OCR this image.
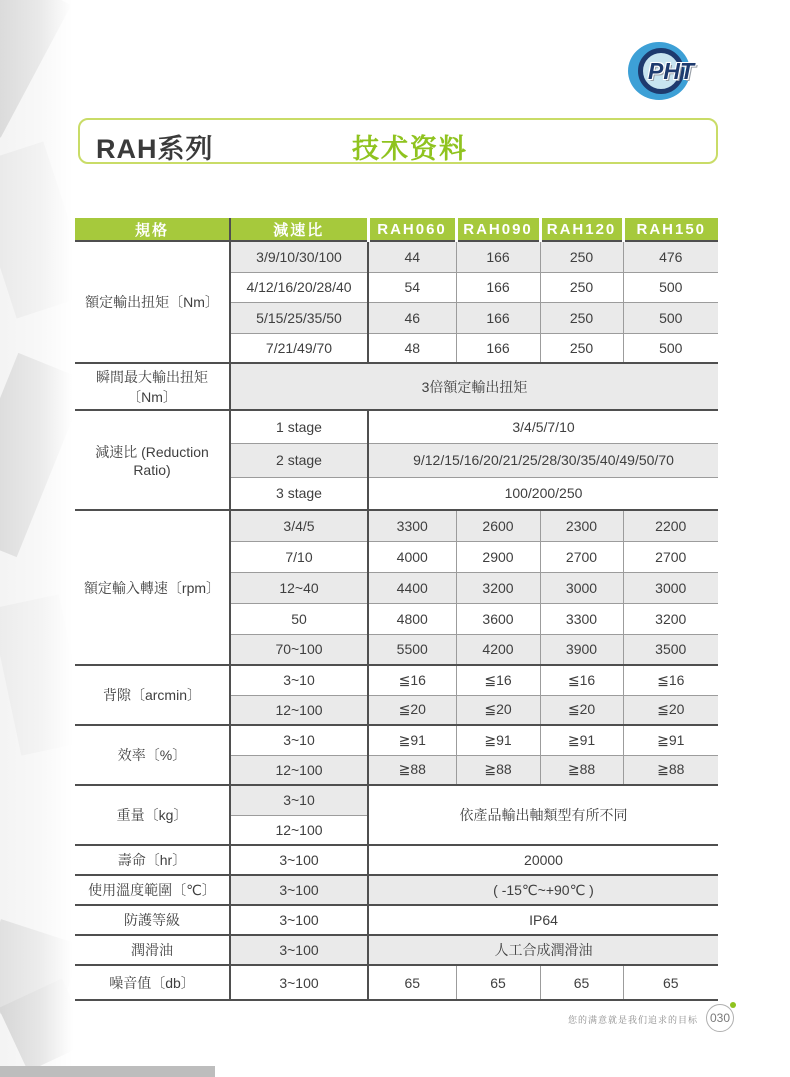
PHT
RAH系列	技术资料
規格	減速比	RAH060	RAH090	RAH120	RAH150
額定輸出扭矩〔Nm〕	3/9/10/30/100	44	166	250	476
	4/12/16/20/28/40	54	166	250	500
	5/15/25/35/50	46	166	250	500
	7/21/49/70	48	166	250	500
瞬間最大輸出扭矩〔Nm〕	3倍額定輸出扭矩				
減速比 (Reduction Ratio)	1 stage	3/4/5/7/10			
	2 stage	9/12/15/16/20/21/25/28/30/35/40/49/50/70			
	3 stage	100/200/250			
額定輸入轉速〔rpm〕	3/4/5	3300	2600	2300	2200
	7/10	4000	2900	2700	2700
	12~40	4400	3200	3000	3000
	50	4800	3600	3300	3200
	70~100	5500	4200	3900	3500
背隙〔arcmin〕	3~10	≦16	≦16	≦16	≦16
	12~100	≦20	≦20	≦20	≦20
效率〔%〕	3~10	≧91	≧91	≧91	≧91
	12~100	≧88	≧88	≧88	≧88
重量〔kg〕	3~10	依產品輸出軸類型有所不同			
	12~100				
壽命〔hr〕	3~100	20000			
使用溫度範圍〔℃〕	3~100	( -15℃~+90℃ )			
防護等級	3~100	IP64			
潤滑油	3~100	人工合成潤滑油			
噪音值〔db〕	3~100	65	65	65	65
您的满意就是我们追求的目标 030
